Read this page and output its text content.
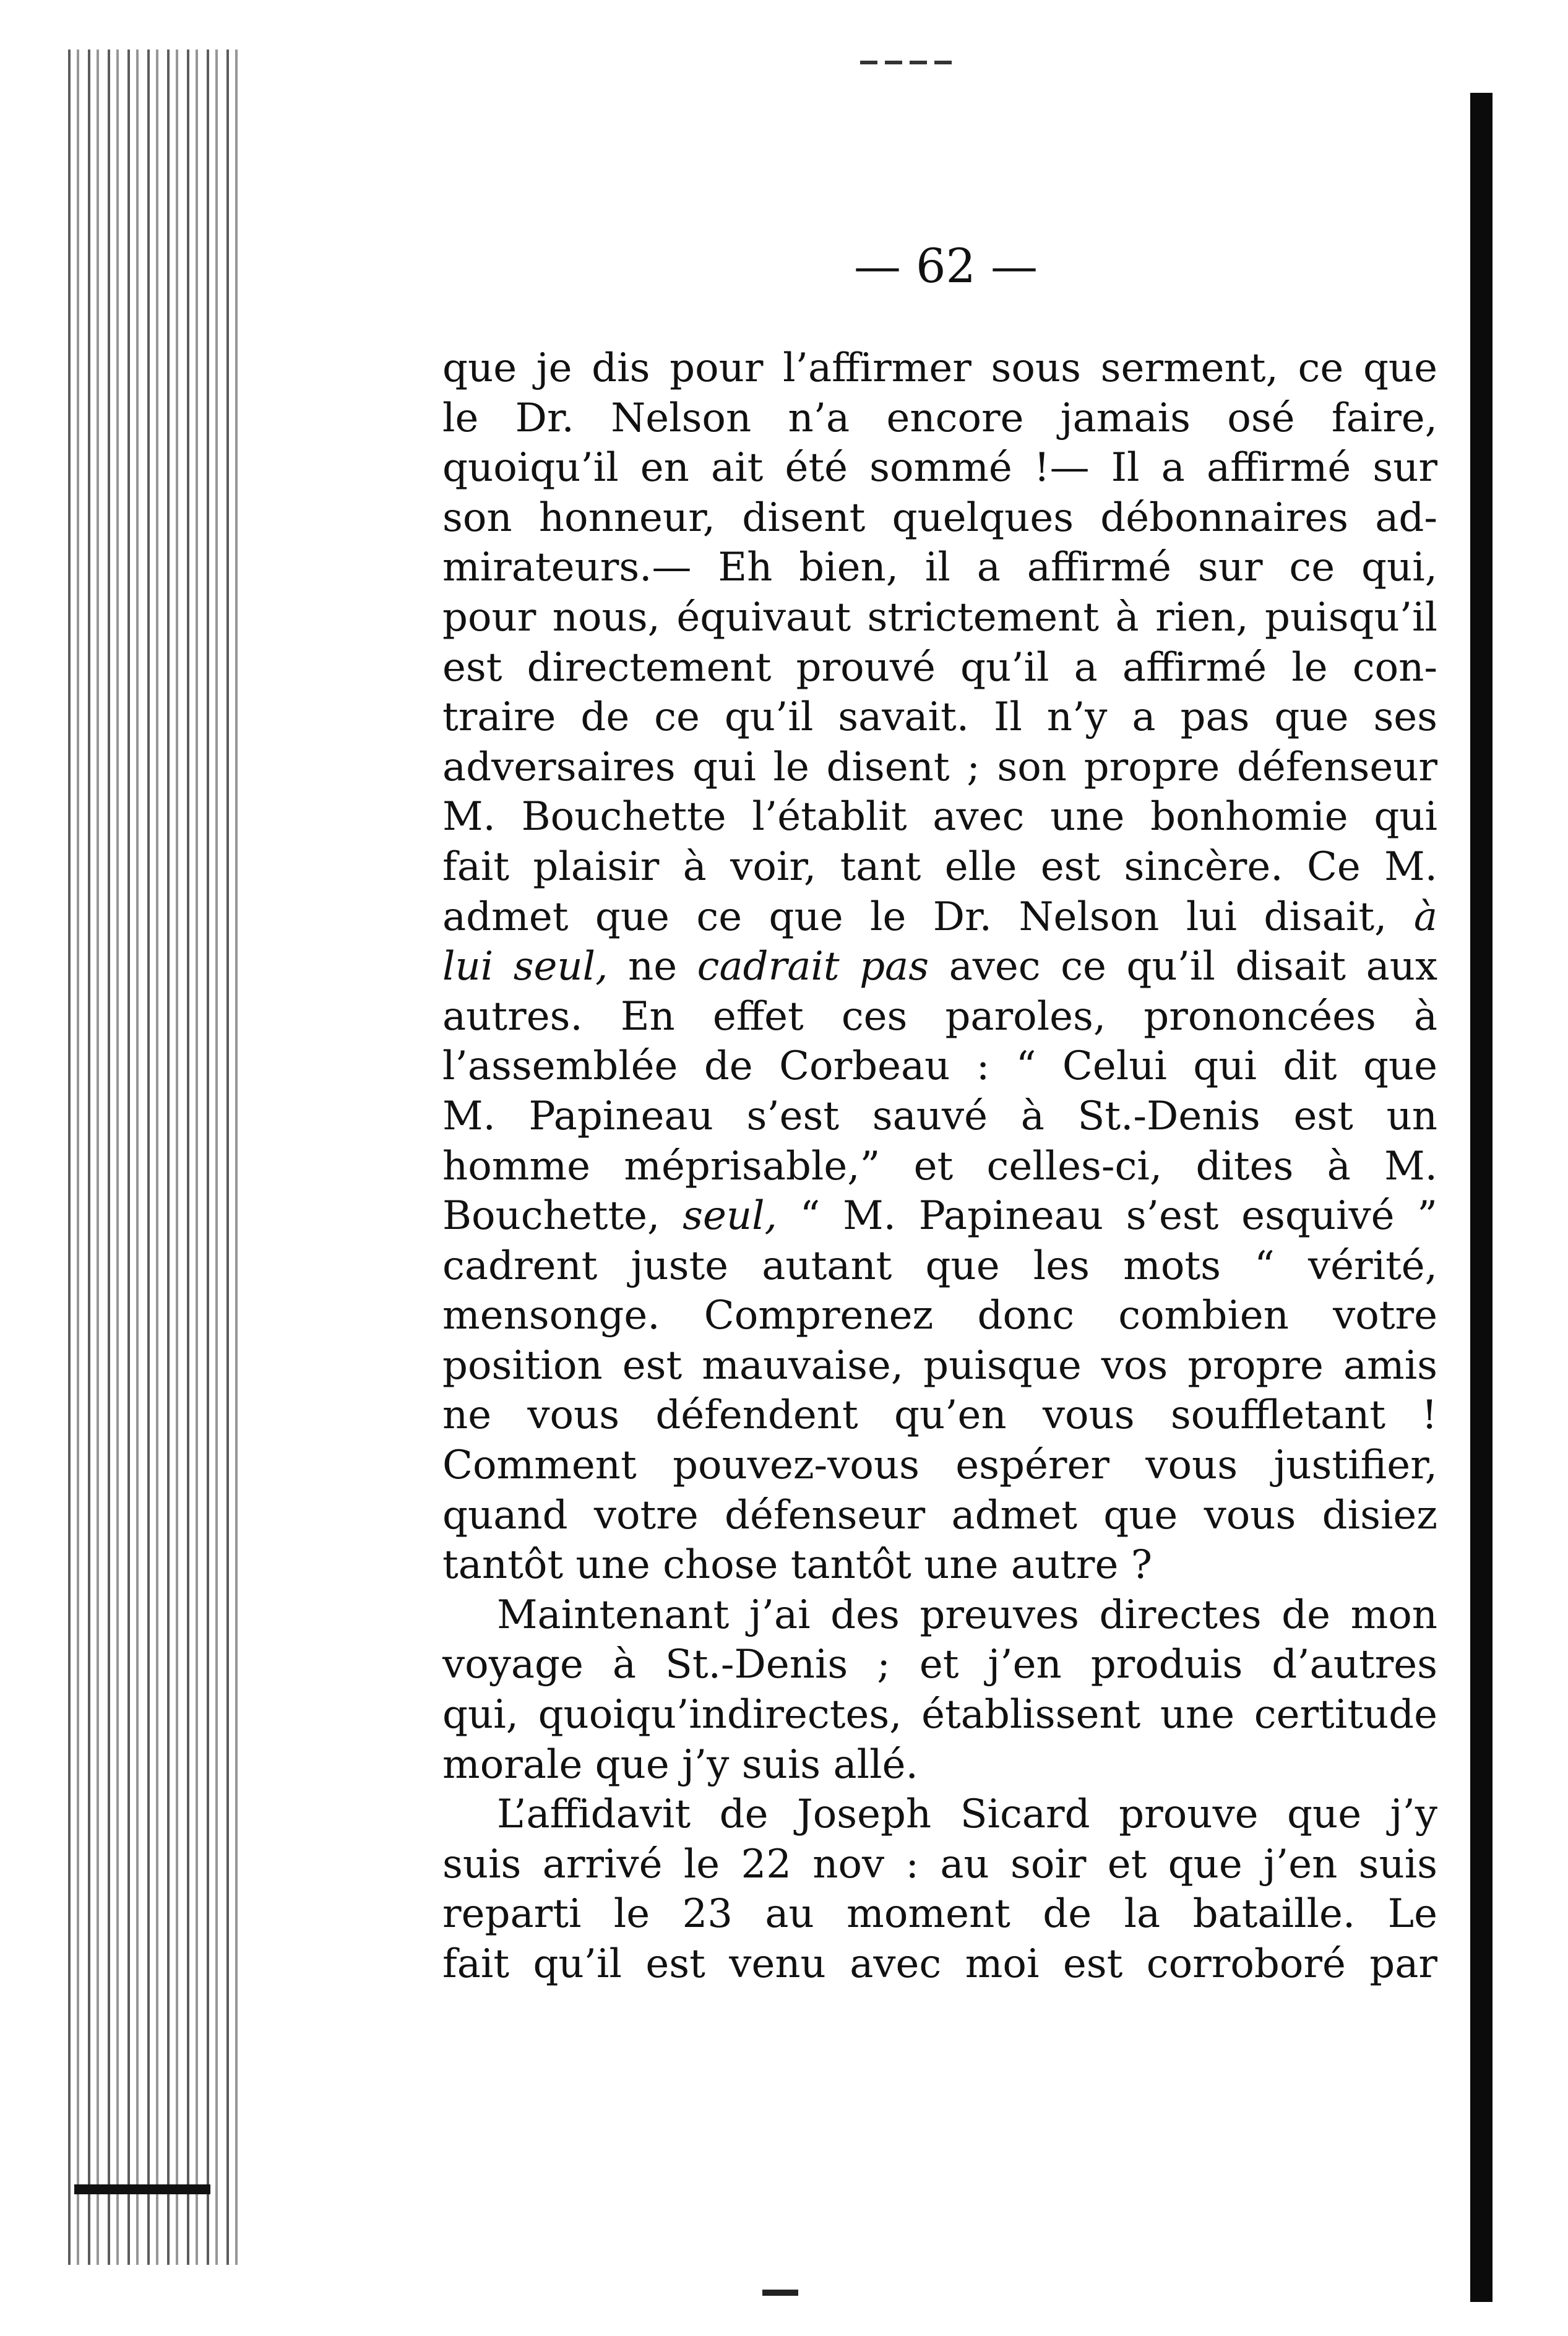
— 62 —
que je dis pour l’affirmer sous serment, ce que
le Dr. Nelson n’a encore jamais osé faire,
quoiqu’il en ait été sommé !— Il a affirmé sur
son honneur, disent quelques débonnaires ad-
mirateurs.— Eh bien, il a affirmé sur ce qui,
pour nous, équivaut strictement à rien, puisqu’il
est directement prouvé qu’il a affirmé le con-
traire de ce qu’il savait. Il n’y a pas que ses
adversaires qui le disent ; son propre défenseur
M. Bouchette l’établit avec une bonhomie qui
fait plaisir à voir, tant elle est sincère. Ce M.
admet que ce que le Dr. Nelson lui disait, à
lui seul, ne cadrait pas avec ce qu’il disait aux
autres. En effet ces paroles, prononcées à
l’assemblée de Corbeau : “ Celui qui dit que
M. Papineau s’est sauvé à St.-Denis est un
homme méprisable,” et celles-ci, dites à M.
Bouchette, seul, “ M. Papineau s’est esquivé ”
cadrent juste autant que les mots “ vérité,
mensonge. Comprenez donc combien votre
position est mauvaise, puisque vos propre amis
ne vous défendent qu’en vous souffletant !
Comment pouvez-vous espérer vous justifier,
quand votre défenseur admet que vous disiez
tantôt une chose tantôt une autre ?
Maintenant j’ai des preuves directes de mon
voyage à St.-Denis ; et j’en produis d’autres
qui, quoiqu’indirectes, établissent une certitude
morale que j’y suis allé.
L’affidavit de Joseph Sicard prouve que j’y
suis arrivé le 22 nov : au soir et que j’en suis
reparti le 23 au moment de la bataille. Le
fait qu’il est venu avec moi est corroboré par
